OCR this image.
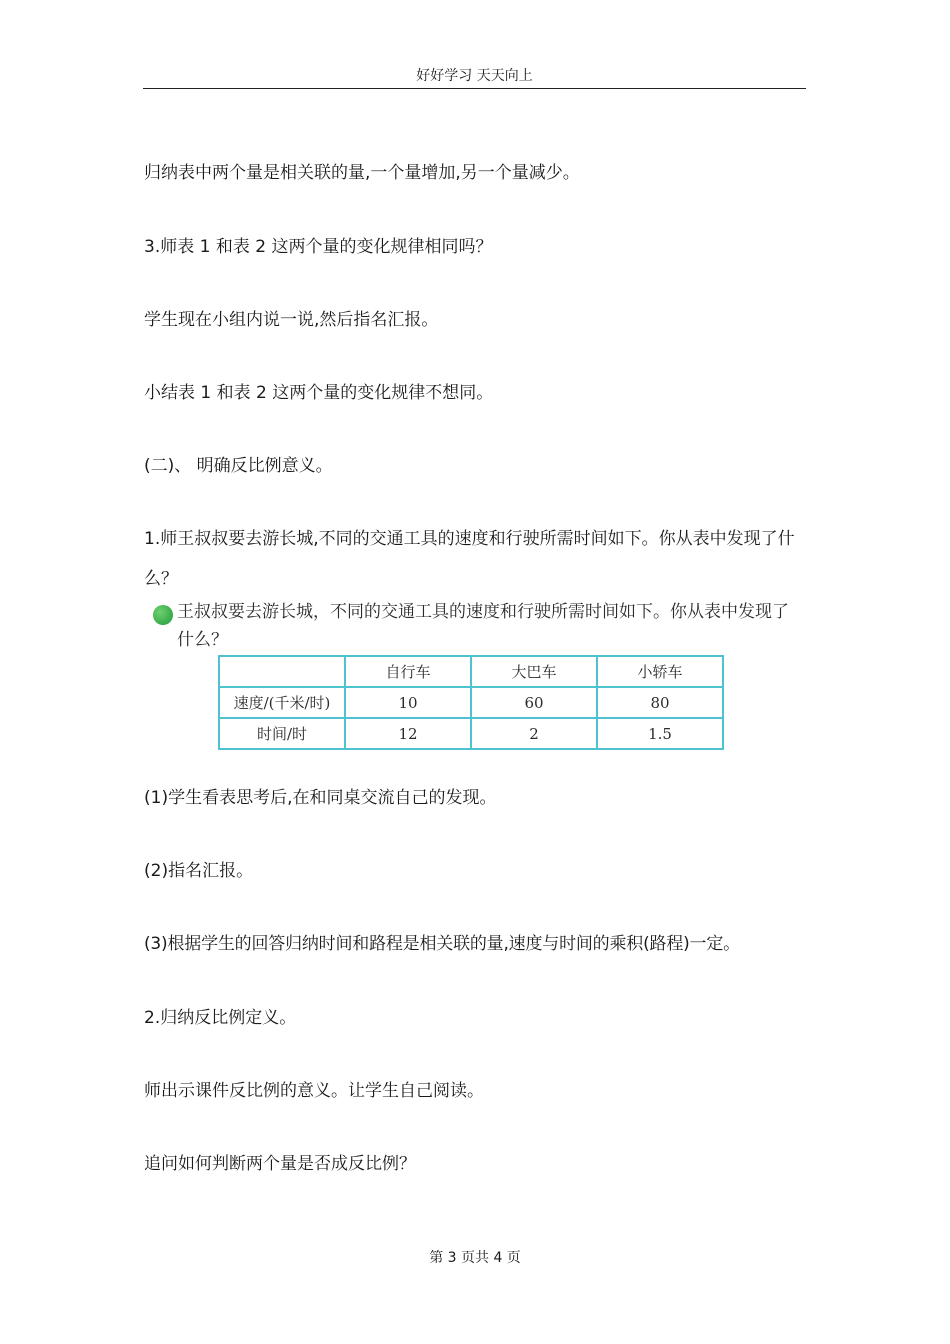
好好学习 天天向上
归纳表中两个量是相关联的量,一个量增加,另一个量减少。
3.师表 1 和表 2 这两个量的变化规律相同吗？
学生现在小组内说一说,然后指名汇报。
小结表 1 和表 2 这两个量的变化规律不想同。
(二)、 明确反比例意义。
1.师王叔叔要去游长城,不同的交通工具的速度和行驶所需时间如下。你从表中发现了什么？
王叔叔要去游长城，不同的交通工具的速度和行驶所需时间如下。你从表中发现了什么？
	自行车	大巴车	小轿车
速度/(千米/时)	10	60	80
时间/时	12	2	1.5
(1)学生看表思考后,在和同桌交流自己的发现。
(2)指名汇报。
(3)根据学生的回答归纳时间和路程是相关联的量,速度与时间的乘积(路程)一定。
2.归纳反比例定义。
师出示课件反比例的意义。让学生自己阅读。
追问如何判断两个量是否成反比例？
第 3 页共 4 页
